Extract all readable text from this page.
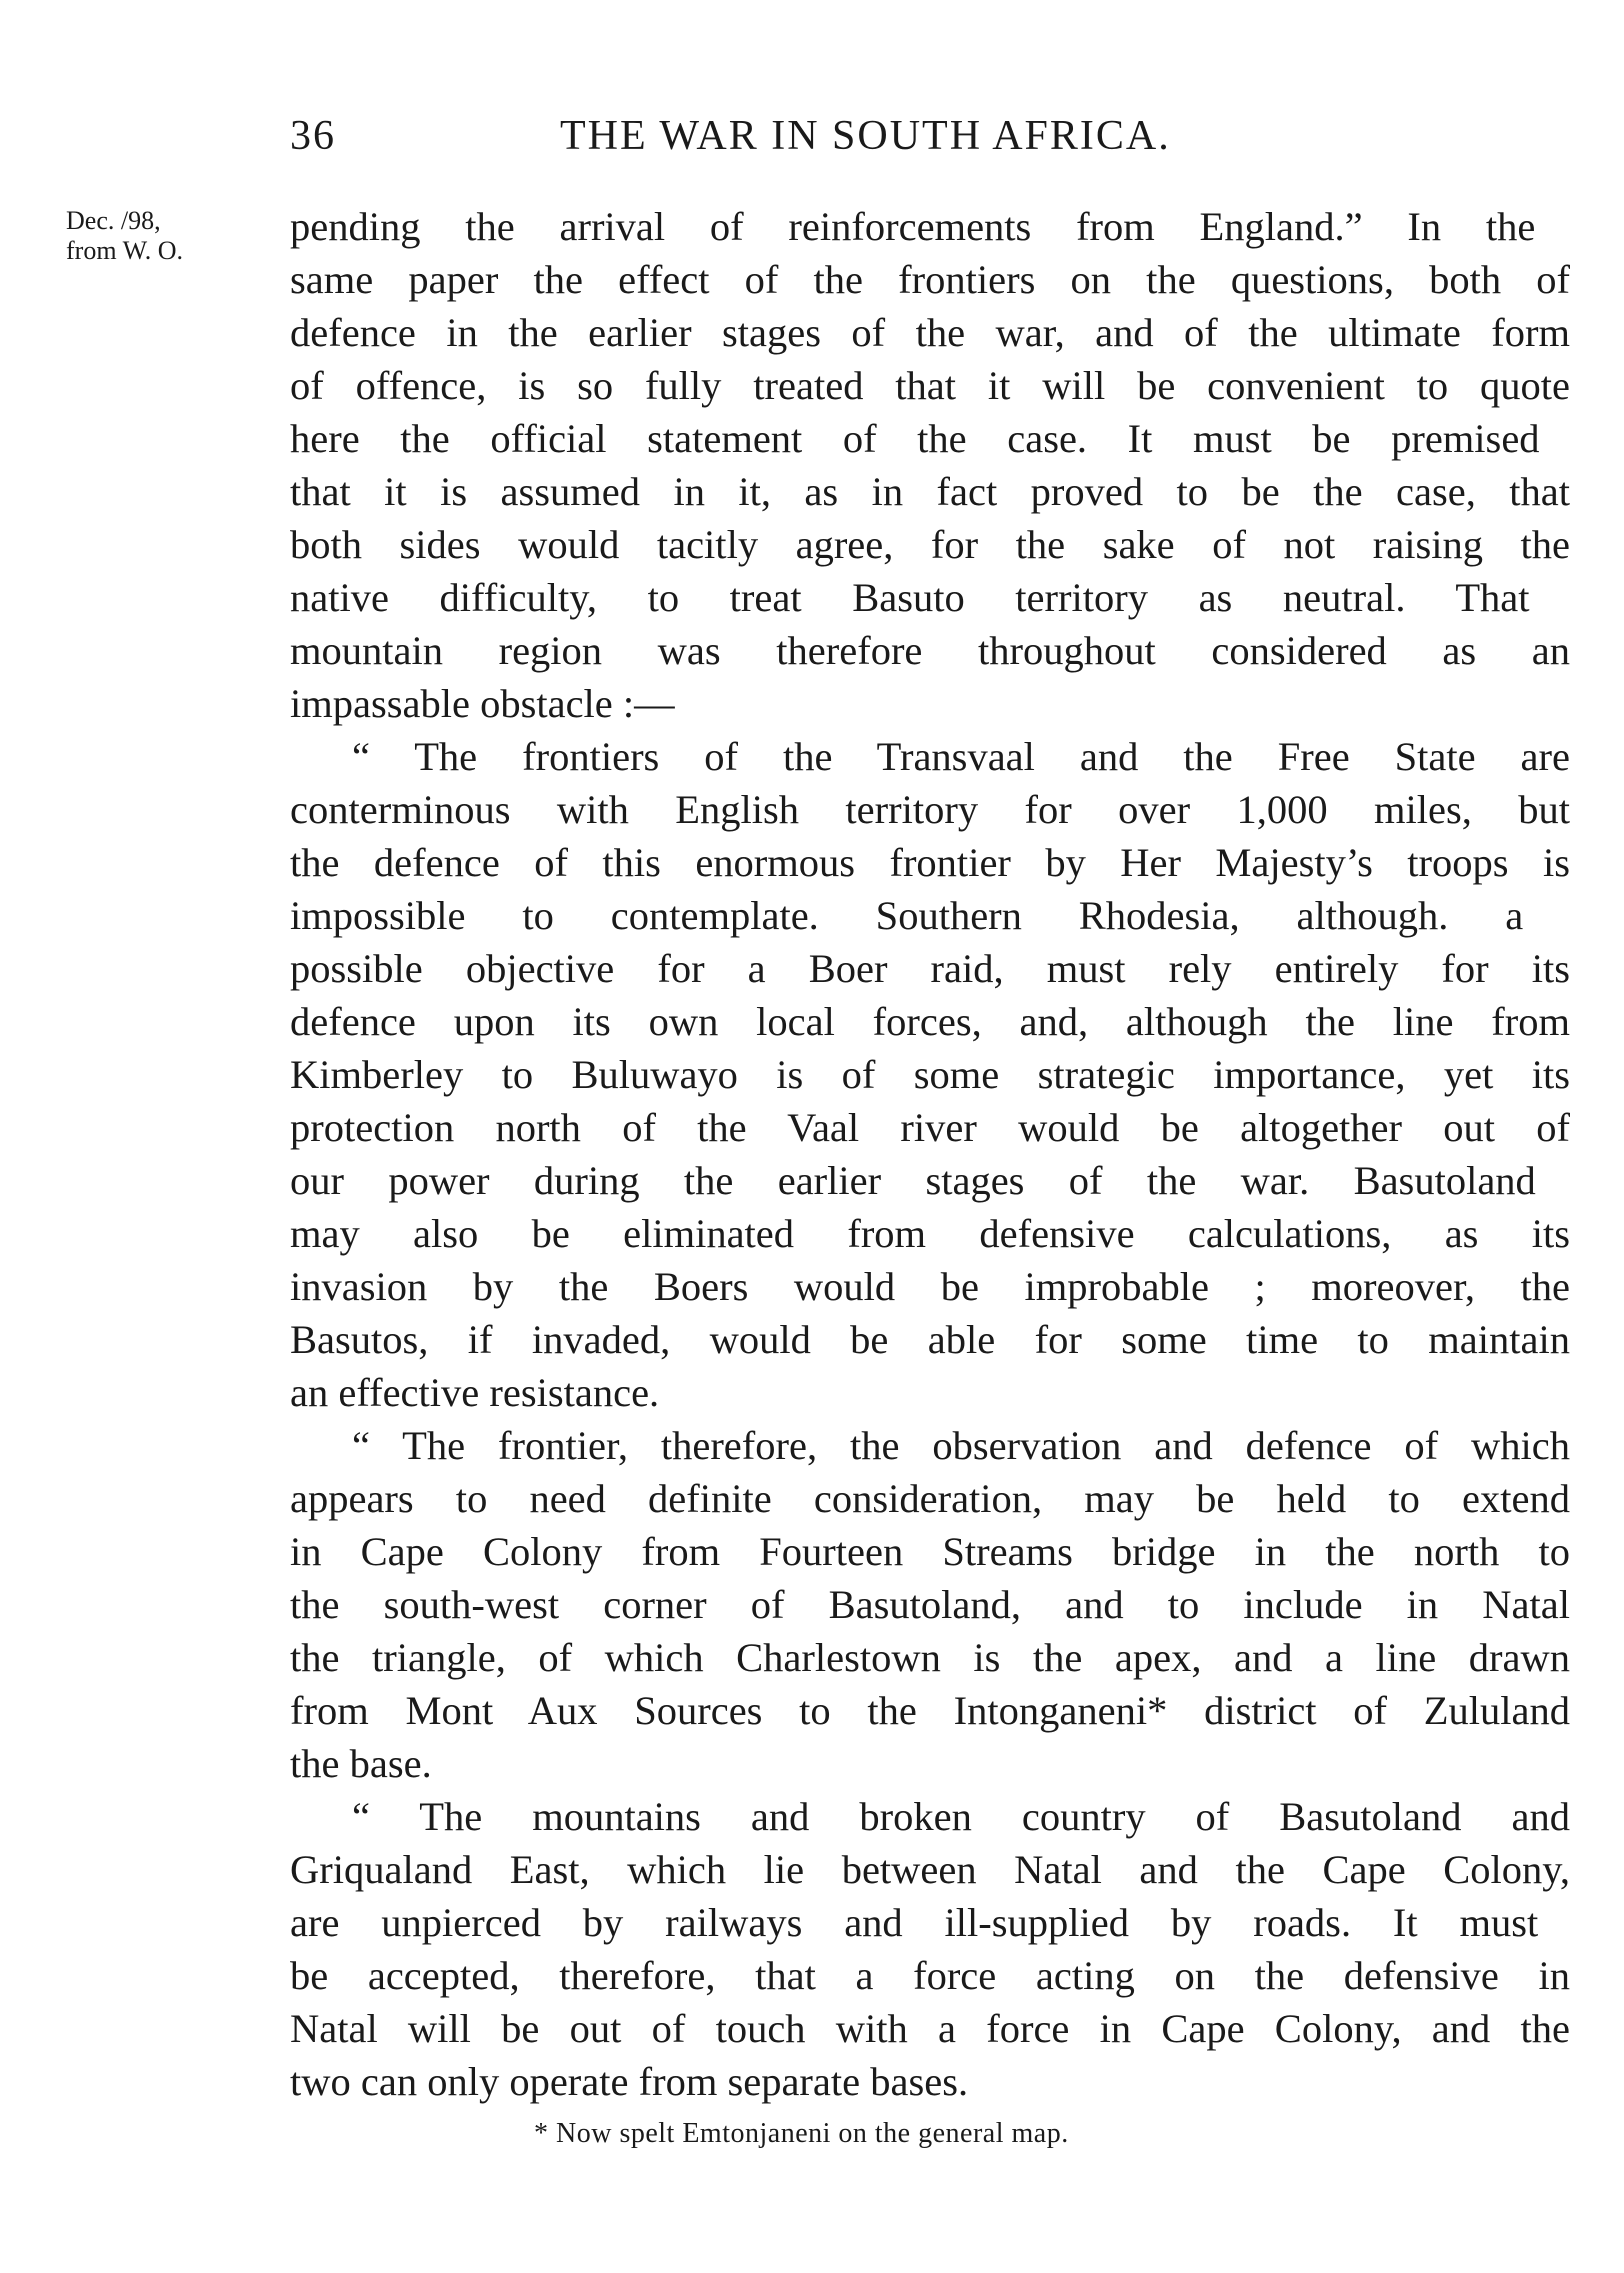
36	THE WAR IN SOUTH AFRICA.
Dec. /98,
from W. O.
pending the arrival of reinforcements from England.” In the
same paper the effect of the frontiers on the questions, both of
defence in the earlier stages of the war, and of the ultimate form
of offence, is so fully treated that it will be convenient to quote
here the official statement of the case. It must be premised
that it is assumed in it, as in fact proved to be the case, that
both sides would tacitly agree, for the sake of not raising the
native difficulty, to treat Basuto territory as neutral. That
mountain region was therefore throughout considered as an
impassable obstacle :—
“ The frontiers of the Transvaal and the Free State are
conterminous with English territory for over 1,000 miles, but
the defence of this enormous frontier by Her Majesty’s troops is
impossible to contemplate. Southern Rhodesia, although. a
possible objective for a Boer raid, must rely entirely for its
defence upon its own local forces, and, although the line from
Kimberley to Buluwayo is of some strategic importance, yet its
protection north of the Vaal river would be altogether out of
our power during the earlier stages of the war. Basutoland
may also be eliminated from defensive calculations, as its
invasion by the Boers would be improbable ; moreover, the
Basutos, if invaded, would be able for some time to maintain
an effective resistance.
“ The frontier, therefore, the observation and defence of which
appears to need definite consideration, may be held to extend
in Cape Colony from Fourteen Streams bridge in the north to
the south-west corner of Basutoland, and to include in Natal
the triangle, of which Charlestown is the apex, and a line drawn
from Mont Aux Sources to the Intonganeni* district of Zululand
the base.
“ The mountains and broken country of Basutoland and
Griqualand East, which lie between Natal and the Cape Colony,
are unpierced by railways and ill-supplied by roads. It must
be accepted, therefore, that a force acting on the defensive in
Natal will be out of touch with a force in Cape Colony, and the
two can only operate from separate bases.
* Now spelt Emtonjaneni on the general map.
